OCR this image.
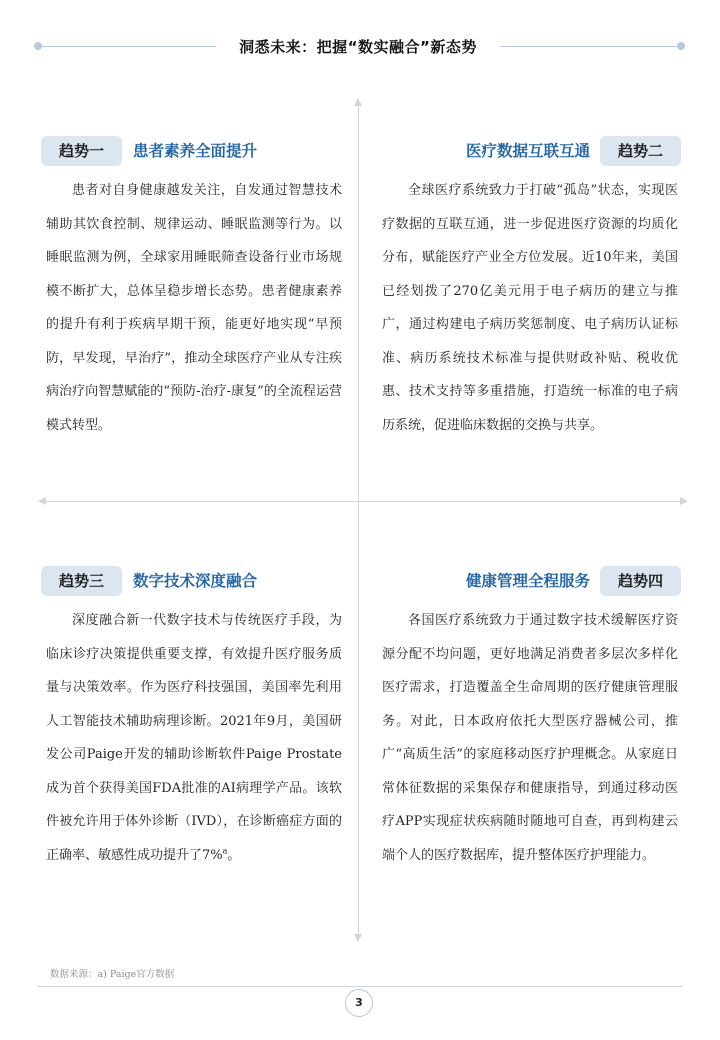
洞悉未来：把握“数实融合”新态势
趋势一	患者素养全面提升

患者对自身健康越发关注，自发通过智慧技术辅助其饮食控制、规律运动、睡眠监测等行为。以睡眠监测为例，全球家用睡眠筛查设备行业市场规模不断扩大，总体呈稳步增长态势。患者健康素养的提升有利于疾病早期干预，能更好地实现“早预防，早发现，早治疗”，推动全球医疗产业从专注疾病治疗向智慧赋能的“预防-治疗-康复”的全流程运营模式转型。

医疗数据互联互通	趋势二

全球医疗系统致力于打破“孤岛”状态，实现医疗数据的互联互通，进一步促进医疗资源的均质化分布，赋能医疗产业全方位发展。近10年来，美国已经划拨了270亿美元用于电子病历的建立与推广，通过构建电子病历奖惩制度、电子病历认证标准、病历系统技术标准与提供财政补贴、税收优惠、技术支持等多重措施，打造统一标准的电子病历系统，促进临床数据的交换与共享。

趋势三	数字技术深度融合

深度融合新一代数字技术与传统医疗手段，为临床诊疗决策提供重要支撑，有效提升医疗服务质量与决策效率。作为医疗科技强国，美国率先利用人工智能技术辅助病理诊断。2021年9月，美国研发公司Paige开发的辅助诊断软件Paige Prostate成为首个获得美国FDA批准的AI病理学产品。该软件被允许用于体外诊断（IVD），在诊断癌症方面的正确率、敏感性成功提升了7%$^a$。

健康管理全程服务	趋势四

各国医疗系统致力于通过数字技术缓解医疗资源分配不均问题，更好地满足消费者多层次多样化医疗需求，打造覆盖全生命周期的医疗健康管理服务。对此，日本政府依托大型医疗器械公司，推广“高质生活”的家庭移动医疗护理概念。从家庭日常体征数据的采集保存和健康指导，到通过移动医疗APP实现症状疾病随时随地可自查，再到构建云端个人的医疗数据库，提升整体医疗护理能力。

数据来源：a) Paige官方数据
3
